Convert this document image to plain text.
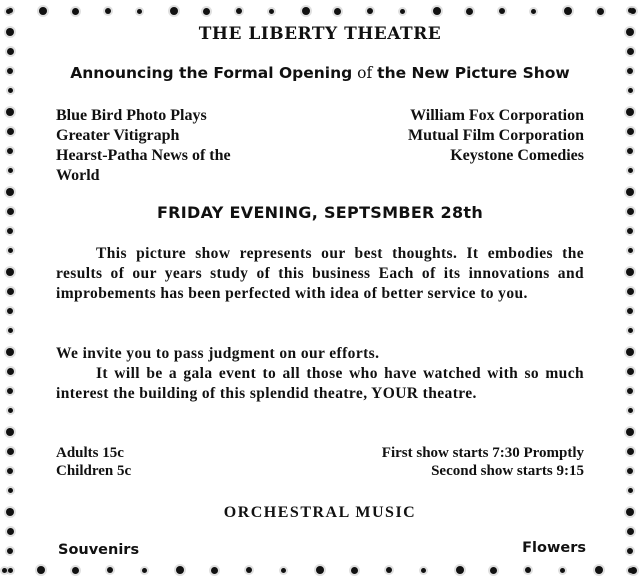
THE LIBERTY THEATRE
Announcing the Formal Opening of the New Picture Show
Blue Bird Photo Plays
Greater Vitigraph
Hearst-Patha News of the
World
William Fox Corporation
Mutual Film Corporation
Keystone Comedies
FRIDAY EVENING, SEPTSMBER 28th

This picture show represents our best thoughts. It embodies the results of our years study of this business Each of its innovations and improbements has been perfected with idea of better service to you.

We invite you to pass judgment on our efforts.

It will be a gala event to all those who have watched with so much interest the building of this splendid theatre, YOUR theatre.

Adults 15c
Children 5c
First show starts 7:30 Promptly
Second show starts 9:15
ORCHESTRAL MUSIC
Souvenirs	Flowers
